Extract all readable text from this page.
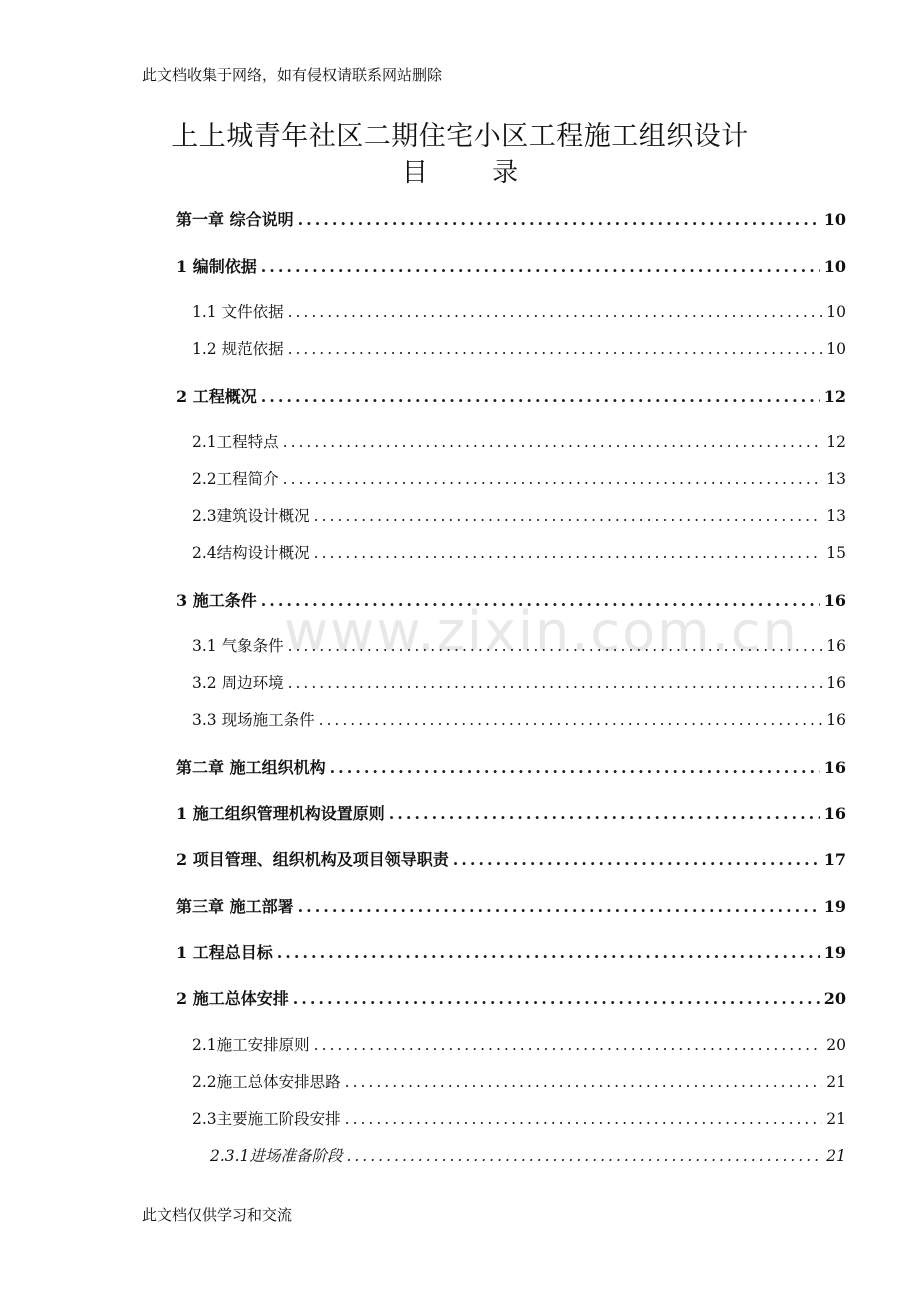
此文档收集于网络，如有侵权请联系网站删除
上上城青年社区二期住宅小区工程施工组织设计
目 录
www.zixin.com.cn
第一章 综合说明 .....	10
1 编制依据 .....	10
1.1 文件依据 .....	10
1.2 规范依据 .....	10
2 工程概况 .....	12
2.1工程特点 .....	12
2.2工程简介 .....	13
2.3建筑设计概况 .....	13
2.4结构设计概况 .....	15
3 施工条件 .....	16
3.1 气象条件 .....	16
3.2 周边环境 .....	16
3.3 现场施工条件 .....	16
第二章 施工组织机构 .....	16
1 施工组织管理机构设置原则 .....	16
2 项目管理、组织机构及项目领导职责 .....	17
第三章 施工部署 .....	19
1 工程总目标 .....	19
2 施工总体安排 .....	20
2.1施工安排原则 .....	20
2.2施工总体安排思路 .....	21
2.3主要施工阶段安排 .....	21
2.3.1进场准备阶段 .....	21
此文档仅供学习和交流
